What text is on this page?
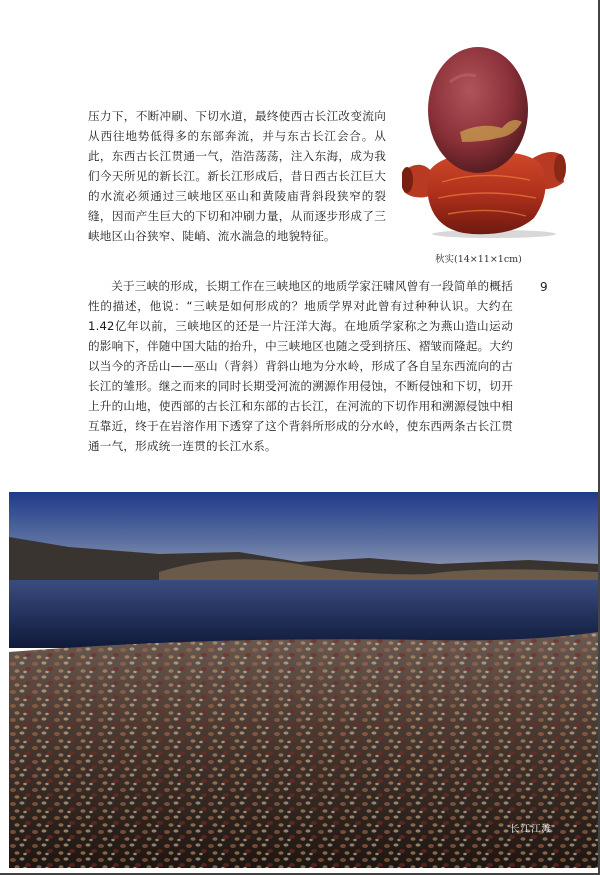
压力下，不断冲刷、下切水道，最终使西古长江改变流向从西往地势低得多的东部奔流，并与东古长江会合。从此，东西古长江贯通一气，浩浩荡荡，注入东海，成为我们今天所见的新长江。新长江形成后，昔日西古长江巨大的水流必须通过三峡地区巫山和黄陵庙背斜段狭窄的裂缝，因而产生巨大的下切和冲刷力量，从而逐步形成了三峡地区山谷狭窄、陡峭、流水湍急的地貌特征。

关于三峡的形成，长期工作在三峡地区的地质学家汪啸风曾有一段简单的概括性的描述，他说：“三峡是如何形成的？地质学界对此曾有过种种认识。大约在1.42亿年以前，三峡地区的还是一片汪洋大海。在地质学家称之为燕山造山运动的影响下，伴随中国大陆的抬升，中三峡地区也随之受到挤压、褶皱而隆起。大约以当今的齐岳山——巫山（背斜）背斜山地为分水岭，形成了各自呈东西流向的古长江的雏形。继之而来的同时长期受河流的溯源作用侵蚀，不断侵蚀和下切，切开上升的山地，使西部的古长江和东部的古长江，在河流的下切作用和溯源侵蚀中相互靠近，终于在岩溶作用下透穿了这个背斜所形成的分水岭，使东西两条古长江贯通一气，形成统一连贯的长江水系。

9
秋实(14×11×1cm)
长江江滩
